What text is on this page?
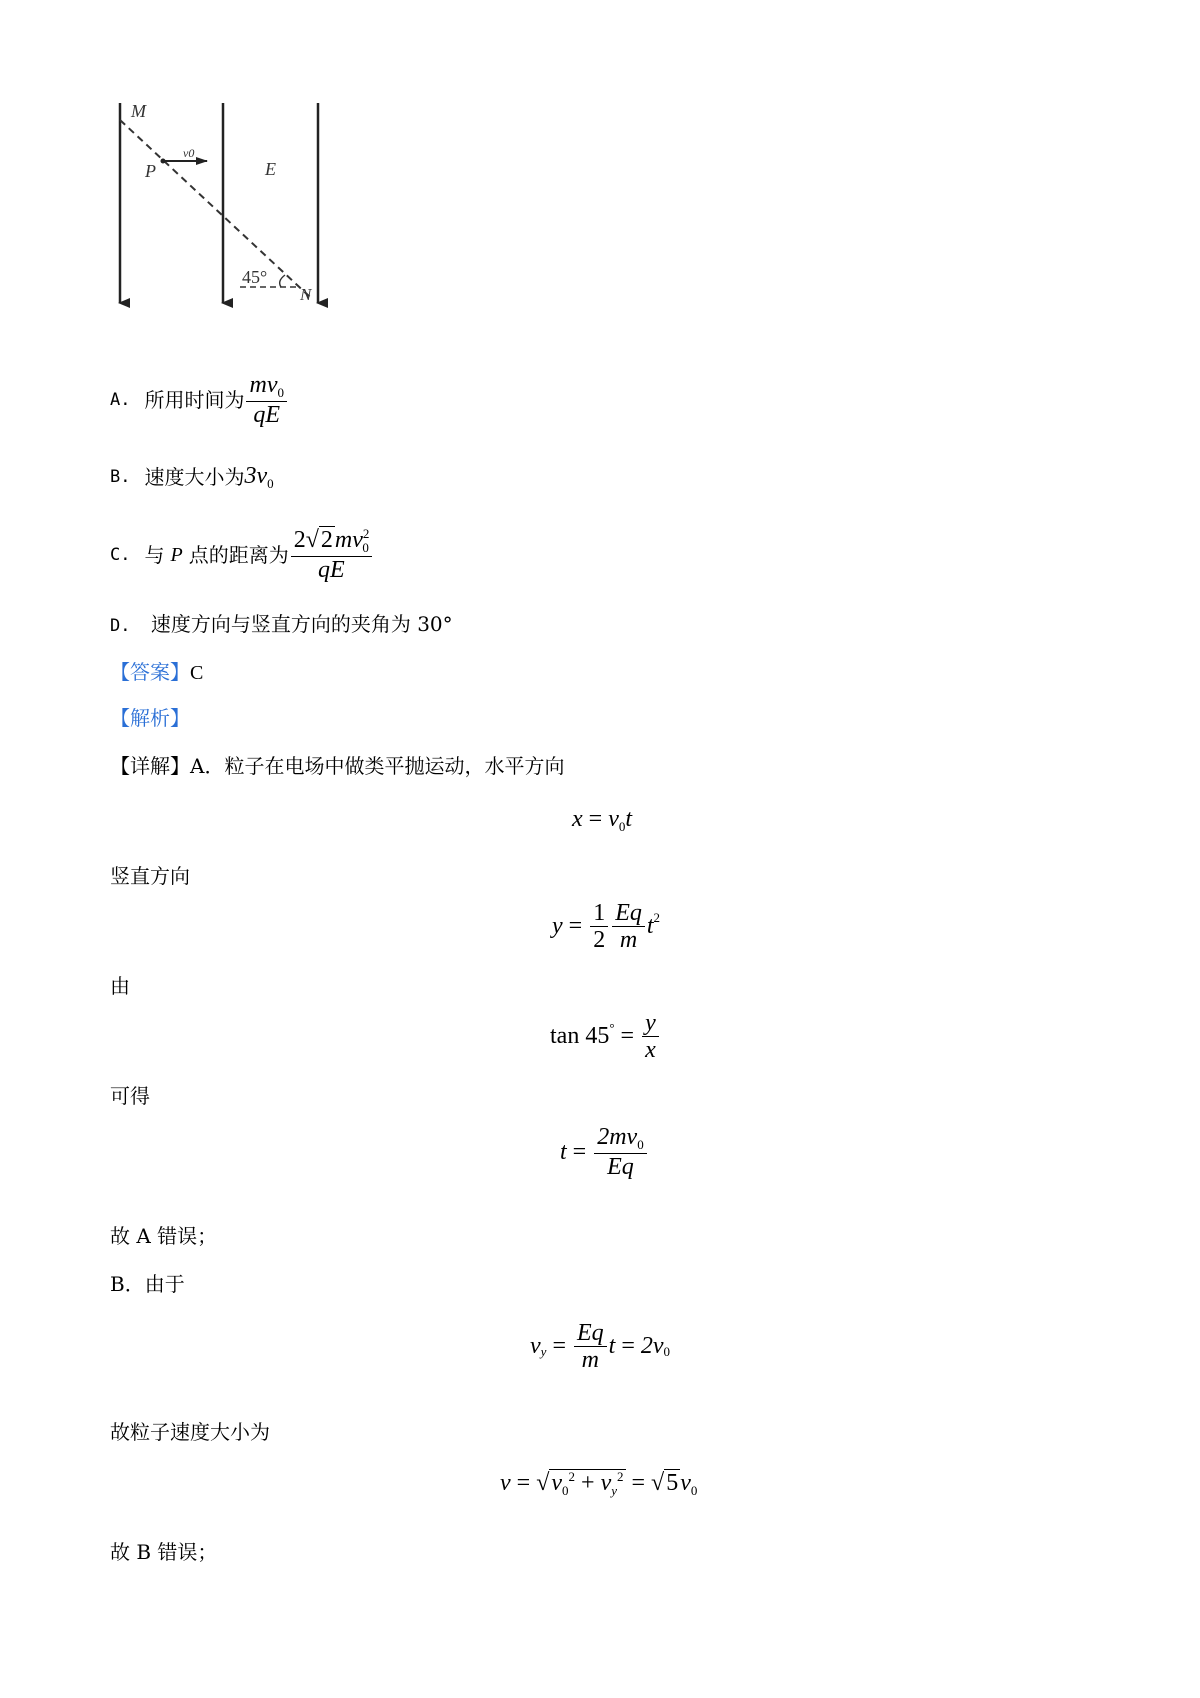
M
P
v0
E
45°
N
A. 所用时间为 $\frac{mv_0}{qE}$
B. 速度大小为 $3v_0$
C. 与 P 点的距离为 $\frac{2√2mv^2_0}{qE}$
D. 速度方向与竖直方向的夹角为 30°
【答案】C
【解析】
【详解】A．粒子在电场中做类平抛运动，水平方向
$x = v_0t$
竖直方向
$y = \frac{1}{2} \frac{Eq}{m}$ t 2
由
tan 45 ° = $\frac{y}{x}$
可得
$t = \frac{2mv_0}{Eq}$
故 A 错误；
B．由于
v $y = \frac{Eq}{m}$ t = 2v 0
故粒子速度大小为
$v = √v_0^2 + v_y^2 = √5v_0$
故 B 错误；
